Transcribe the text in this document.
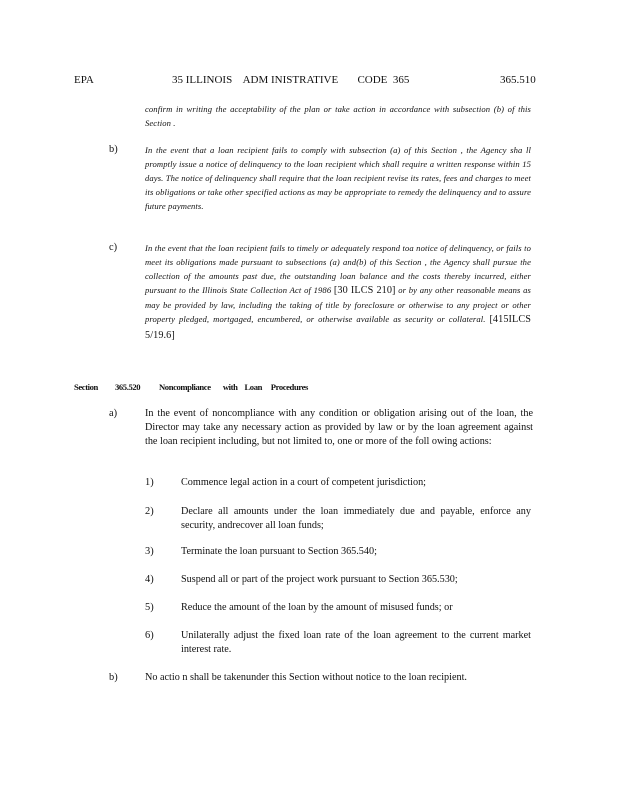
EPA	35 ILLINOIS    ADM INISTRATIVE       CODE  365	365.510
confirm in writing the acceptability of the plan or take action in accordance with subsection (b) of this Section .
b)	In the event that a loan recipient fails to comply with subsection (a) of this Section , the Agency sha ll promptly issue a notice of delinquency to the loan recipient which shall require a written response within 15 days. The notice of delinquency shall require that the loan recipient revise its rates, fees and charges to meet its obligations or take other specified actions as may be appropriate to remedy the delinquency and to assure future payments.
c)	In the event that the loan recipient fails to timely or adequately respond toa notice of delinquency, or fails to meet its obligations made pursuant to subsections (a) and(b) of this Section , the Agency shall pursue the collection of the amounts past due, the outstanding loan balance and the costs thereby incurred, either pursuant to the Illinois State Collection Act of 1986 [30 ILCS 210] or by any other reasonable means as may be provided by law, including the taking of title by foreclosure or otherwise to any project or other property pledged, mortgaged, encumbered, or otherwise available as security or collateral. [415ILCS 5/19.6]
Section 365.520 Noncompliance       with    Loan     Procedures
a)	In the event of noncompliance with any condition or obligation arising out of the loan, the Director may take any necessary action as provided by law or by the loan agreement against the loan recipient including, but not limited to, one or more of the foll owing actions:
1)	Commence legal action in a court of competent jurisdiction;
2)	Declare all amounts under the loan immediately due and payable, enforce any security, andrecover all loan funds;
3)	Terminate the loan pursuant to Section 365.540;
4)	Suspend all or part of the project work pursuant to Section 365.530;
5)	Reduce the amount of the loan by the amount of misused funds; or
6)	Unilaterally adjust the fixed loan rate of the loan agreement to the current market interest rate.
b)	No actio n shall be takenunder this Section without notice to the loan recipient.
